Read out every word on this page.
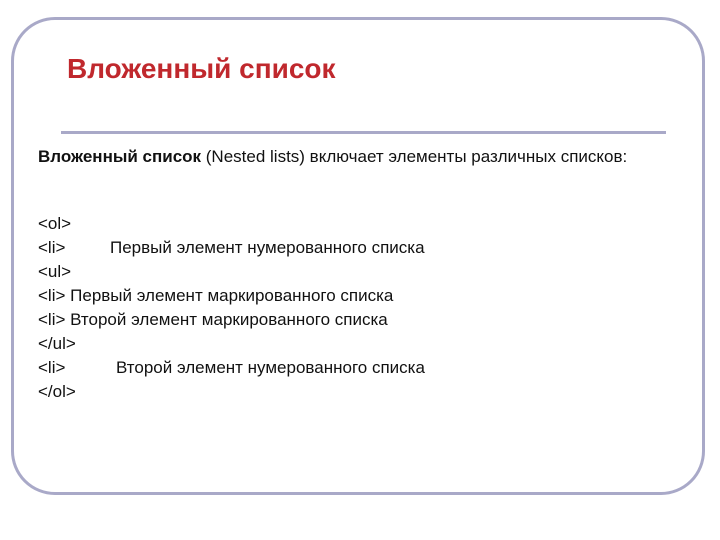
Вложенный список
Вложенный список (Nested lists) включает элементы различных списков:
<ol>
<li>	Первый элемент нумерованного списка
<ul>
<li> Первый элемент маркированного списка
<li> Второй элемент маркированного списка
</ul>
<li>	Второй элемент нумерованного списка
</ol>
